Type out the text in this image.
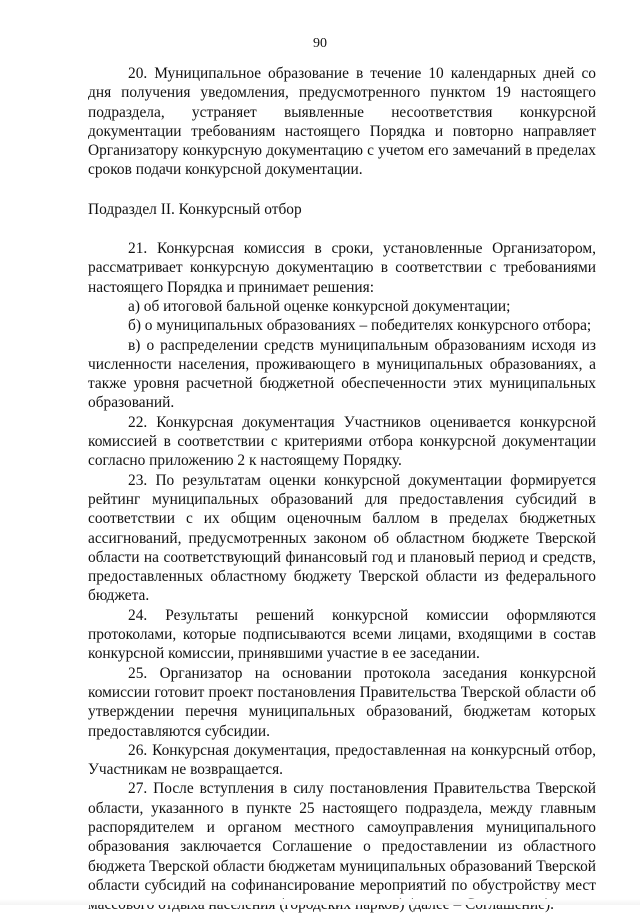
90

20. Муниципальное образование в течение 10 календарных дней со дня получения уведомления, предусмотренного пунктом 19 настоящего подраздела, устраняет выявленные несоответствия конкурсной документации требованиям настоящего Порядка и повторно направляет Организатору конкурсную документацию с учетом его замечаний в пределах сроков подачи конкурсной документации.

Подраздел II. Конкурсный отбор

21. Конкурсная комиссия в сроки, установленные Организатором, рассматривает конкурсную документацию в соответствии с требованиями настоящего Порядка и принимает решения:

а) об итоговой бальной оценке конкурсной документации;

б) о муниципальных образованиях – победителях конкурсного отбора;

в) о распределении средств муниципальным образованиям исходя из численности населения, проживающего в муниципальных образованиях, а также уровня расчетной бюджетной обеспеченности этих муниципальных образований.

22. Конкурсная документация Участников оценивается конкурсной комиссией в соответствии с критериями отбора конкурсной документации согласно приложению 2 к настоящему Порядку.

23. По результатам оценки конкурсной документации формируется рейтинг муниципальных образований для предоставления субсидий в соответствии с их общим оценочным баллом в пределах бюджетных ассигнований, предусмотренных законом об областном бюджете Тверской области на соответствующий финансовый год и плановый период и средств, предоставленных областному бюджету Тверской области из федерального бюджета.

24. Результаты решений конкурсной комиссии оформляются протоколами, которые подписываются всеми лицами, входящими в состав конкурсной комиссии, принявшими участие в ее заседании.

25. Организатор на основании протокола заседания конкурсной комиссии готовит проект постановления Правительства Тверской области об утверждении перечня муниципальных образований, бюджетам которых предоставляются субсидии.

26. Конкурсная документация, предоставленная на конкурсный отбор, Участникам не возвращается.

27. После вступления в силу постановления Правительства Тверской области, указанного в пункте 25 настоящего подраздела, между главным распорядителем и органом местного самоуправления муниципального образования заключается Соглашение о предоставлении из областного бюджета Тверской области бюджетам муниципальных образований Тверской области субсидий на софинансирование мероприятий по обустройству мест
